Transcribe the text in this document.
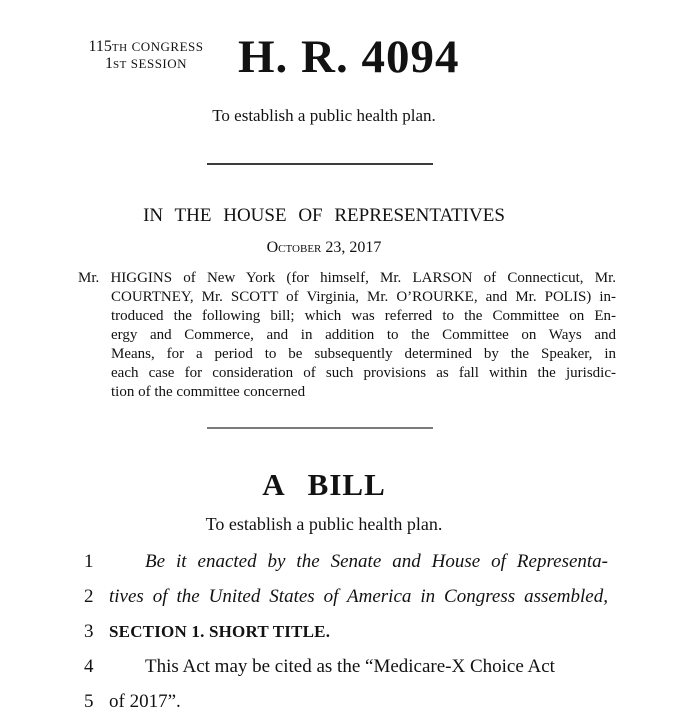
115TH CONGRESS
1ST SESSION	H. R. 4094
To establish a public health plan.
IN THE HOUSE OF REPRESENTATIVES
October 23, 2017
Mr. HIGGINS of New York (for himself, Mr. LARSON of Connecticut, Mr.
COURTNEY, Mr. SCOTT of Virginia, Mr. O’ROURKE, and Mr. POLIS) in-
troduced the following bill; which was referred to the Committee on En-
ergy and Commerce, and in addition to the Committee on Ways and
Means, for a period to be subsequently determined by the Speaker, in
each case for consideration of such provisions as fall within the jurisdic-
tion of the committee concerned
A BILL
To establish a public health plan.
1	Be it enacted by the Senate and House of Representa-
2 tives of the United States of America in Congress assembled,
3 SECTION 1. SHORT TITLE.
4	This Act may be cited as the “Medicare-X Choice Act
5 of 2017”.
